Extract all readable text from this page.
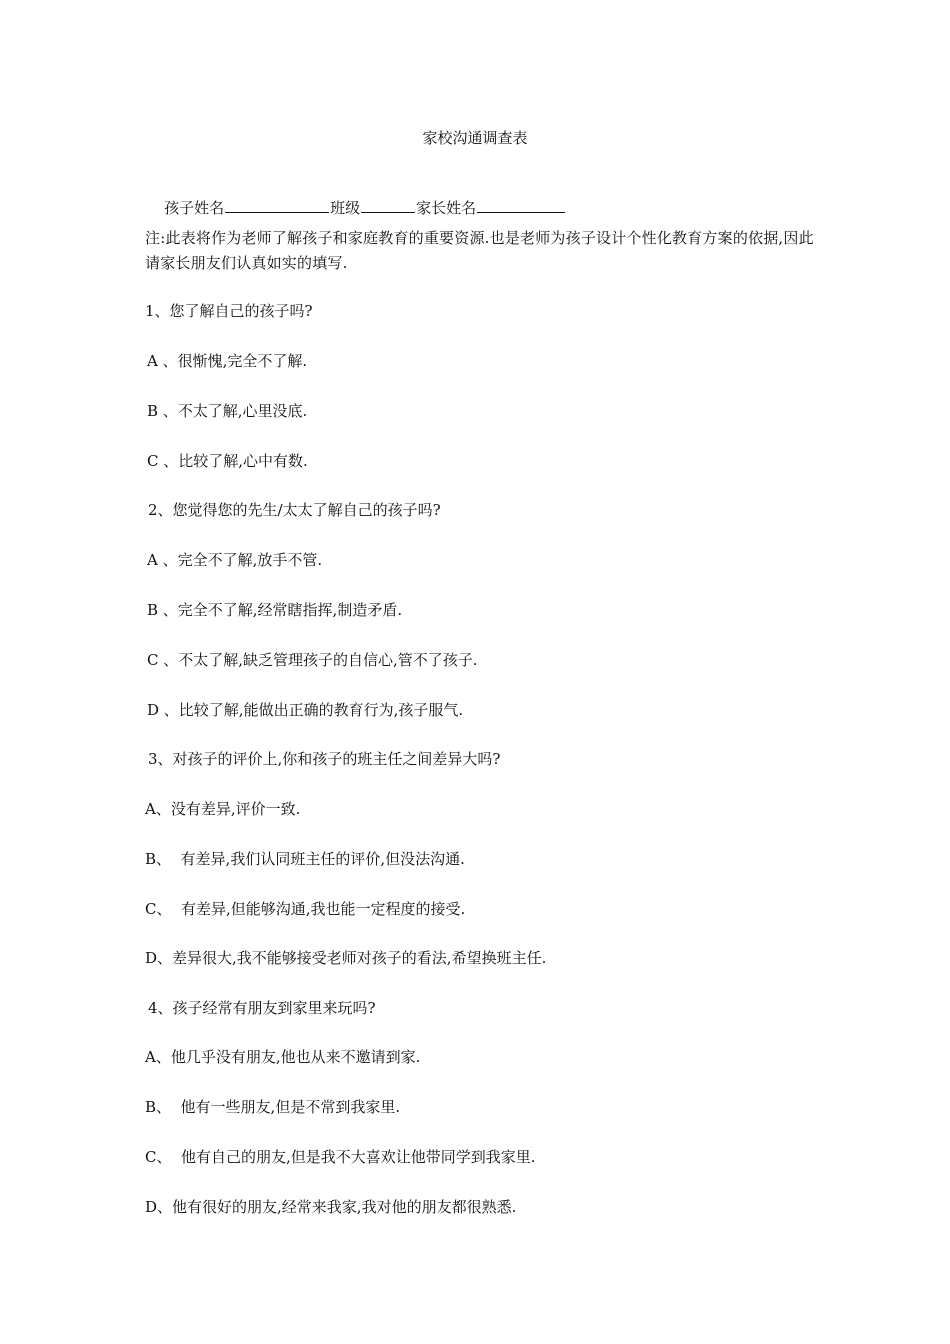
家校沟通调查表

孩子姓名	班级	家长姓名

注:此表将作为老师了解孩子和家庭教育的重要资源.也是老师为孩子设计个性化教育方案的依据,因此请家长朋友们认真如实的填写.
1、您了解自己的孩子吗?
A 、很惭愧,完全不了解.
B 、不太了解,心里没底.
C 、比较了解,心中有数.
2、您觉得您的先生/太太了解自己的孩子吗?
A 、完全不了解,放手不管.
B 、完全不了解,经常瞎指挥,制造矛盾.
C 、不太了解,缺乏管理孩子的自信心,管不了孩子.
D 、比较了解,能做出正确的教育行为,孩子服气.
3、对孩子的评价上,你和孩子的班主任之间差异大吗?
A、没有差异,评价一致.
B、  有差异,我们认同班主任的评价,但没法沟通.
C、  有差异,但能够沟通,我也能一定程度的接受.
D、差异很大,我不能够接受老师对孩子的看法,希望换班主任.
4、孩子经常有朋友到家里来玩吗?
A、他几乎没有朋友,他也从来不邀请到家.
B、  他有一些朋友,但是不常到我家里.
C、  他有自己的朋友,但是我不大喜欢让他带同学到我家里.
D、他有很好的朋友,经常来我家,我对他的朋友都很熟悉.
